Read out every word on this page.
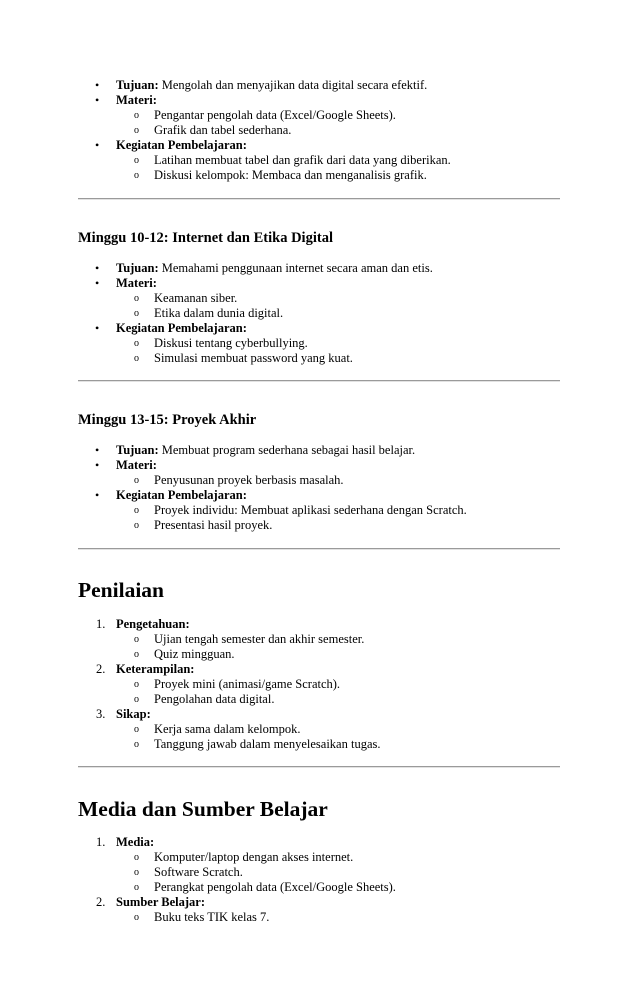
• Tujuan: Mengolah dan menyajikan data digital secara efektif.
• Materi:
o Pengantar pengolah data (Excel/Google Sheets).
o Grafik dan tabel sederhana.
• Kegiatan Pembelajaran:
o Latihan membuat tabel dan grafik dari data yang diberikan.
o Diskusi kelompok: Membaca dan menganalisis grafik.
Minggu 10-12: Internet dan Etika Digital
• Tujuan: Memahami penggunaan internet secara aman dan etis.
• Materi:
o Keamanan siber.
o Etika dalam dunia digital.
• Kegiatan Pembelajaran:
o Diskusi tentang cyberbullying.
o Simulasi membuat password yang kuat.
Minggu 13-15: Proyek Akhir
• Tujuan: Membuat program sederhana sebagai hasil belajar.
• Materi:
o Penyusunan proyek berbasis masalah.
• Kegiatan Pembelajaran:
o Proyek individu: Membuat aplikasi sederhana dengan Scratch.
o Presentasi hasil proyek.
Penilaian
1. Pengetahuan:
o Ujian tengah semester dan akhir semester.
o Quiz mingguan.
2. Keterampilan:
o Proyek mini (animasi/game Scratch).
o Pengolahan data digital.
3. Sikap:
o Kerja sama dalam kelompok.
o Tanggung jawab dalam menyelesaikan tugas.
Media dan Sumber Belajar
1. Media:
o Komputer/laptop dengan akses internet.
o Software Scratch.
o Perangkat pengolah data (Excel/Google Sheets).
2. Sumber Belajar:
o Buku teks TIK kelas 7.
